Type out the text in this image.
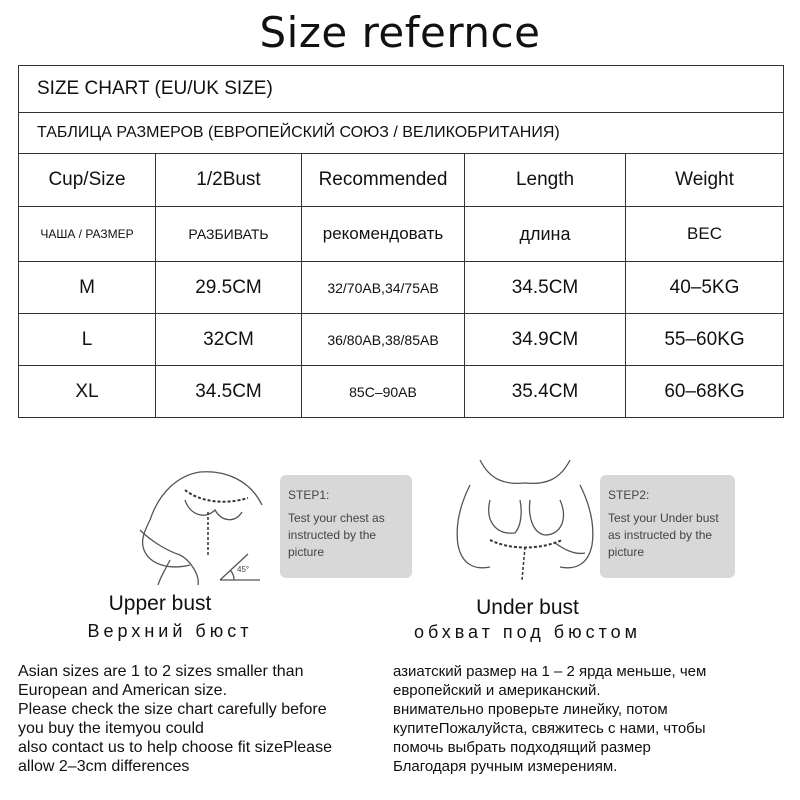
Size refernce
SIZE CHART (EU/UK SIZE)				
ТАБЛИЦА РАЗМЕРОВ (ЕВРОПЕЙСКИЙ СОЮЗ / ВЕЛИКОБРИТАНИЯ)				
Cup/Size	1/2Bust	Recommended	Length	Weight
ЧАША / РАЗМЕР	РАЗБИВАТЬ	рекомендовать	длина	ВЕС
M	29.5CM	32/70AB,34/75AB	34.5CM	40–5KG
L	32CM	36/80AB,38/85AB	34.9CM	55–60KG
XL	34.5CM	85C–90AB	35.4CM	60–68KG
45°
STEP1:
Test your chest as instructed by the picture
STEP2:
Test your Under bust as instructed by the picture
Upper bust
Верхний бюст
Under bust
обхват под бюстом
Asian sizes are 1 to 2 sizes smaller than
European and American size.
Please check the size chart carefully before
you buy the itemyou could
also contact us to help choose fit sizePlease
allow 2–3cm differences
азиатский размер на 1 – 2 ярда меньше, чем
европейский и американский.
внимательно проверьте линейку, потом
купитеПожалуйста, свяжитесь с нами, чтобы
помочь выбрать подходящий размер
Благодаря ручным измерениям.
